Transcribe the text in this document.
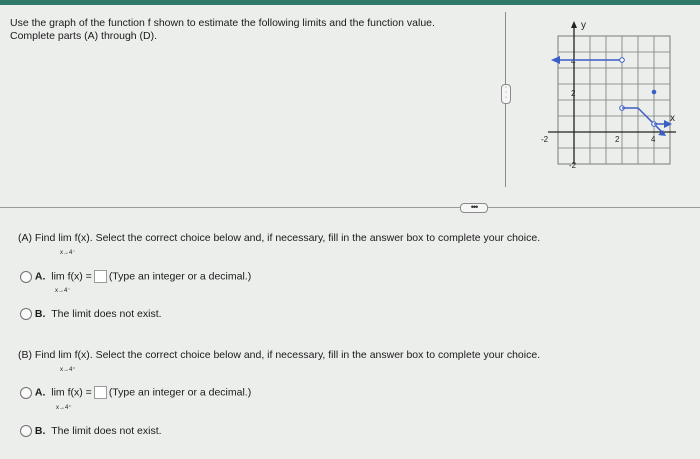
Use the graph of the function f shown to estimate the following limits and the function value.
Complete parts (A) through (D).
·
·
·
y
x
4
2
-2	2	4
-2
•••
(A) Find lim f(x). Select the correct choice below and, if necessary, fill in the answer box to complete your choice.
x→4⁻
A. lim f(x) = (Type an integer or a decimal.)
x→4⁻
B. The limit does not exist.
(B) Find lim f(x). Select the correct choice below and, if necessary, fill in the answer box to complete your choice.
x→4⁺
A. lim f(x) = (Type an integer or a decimal.)
x→4⁺
B. The limit does not exist.
